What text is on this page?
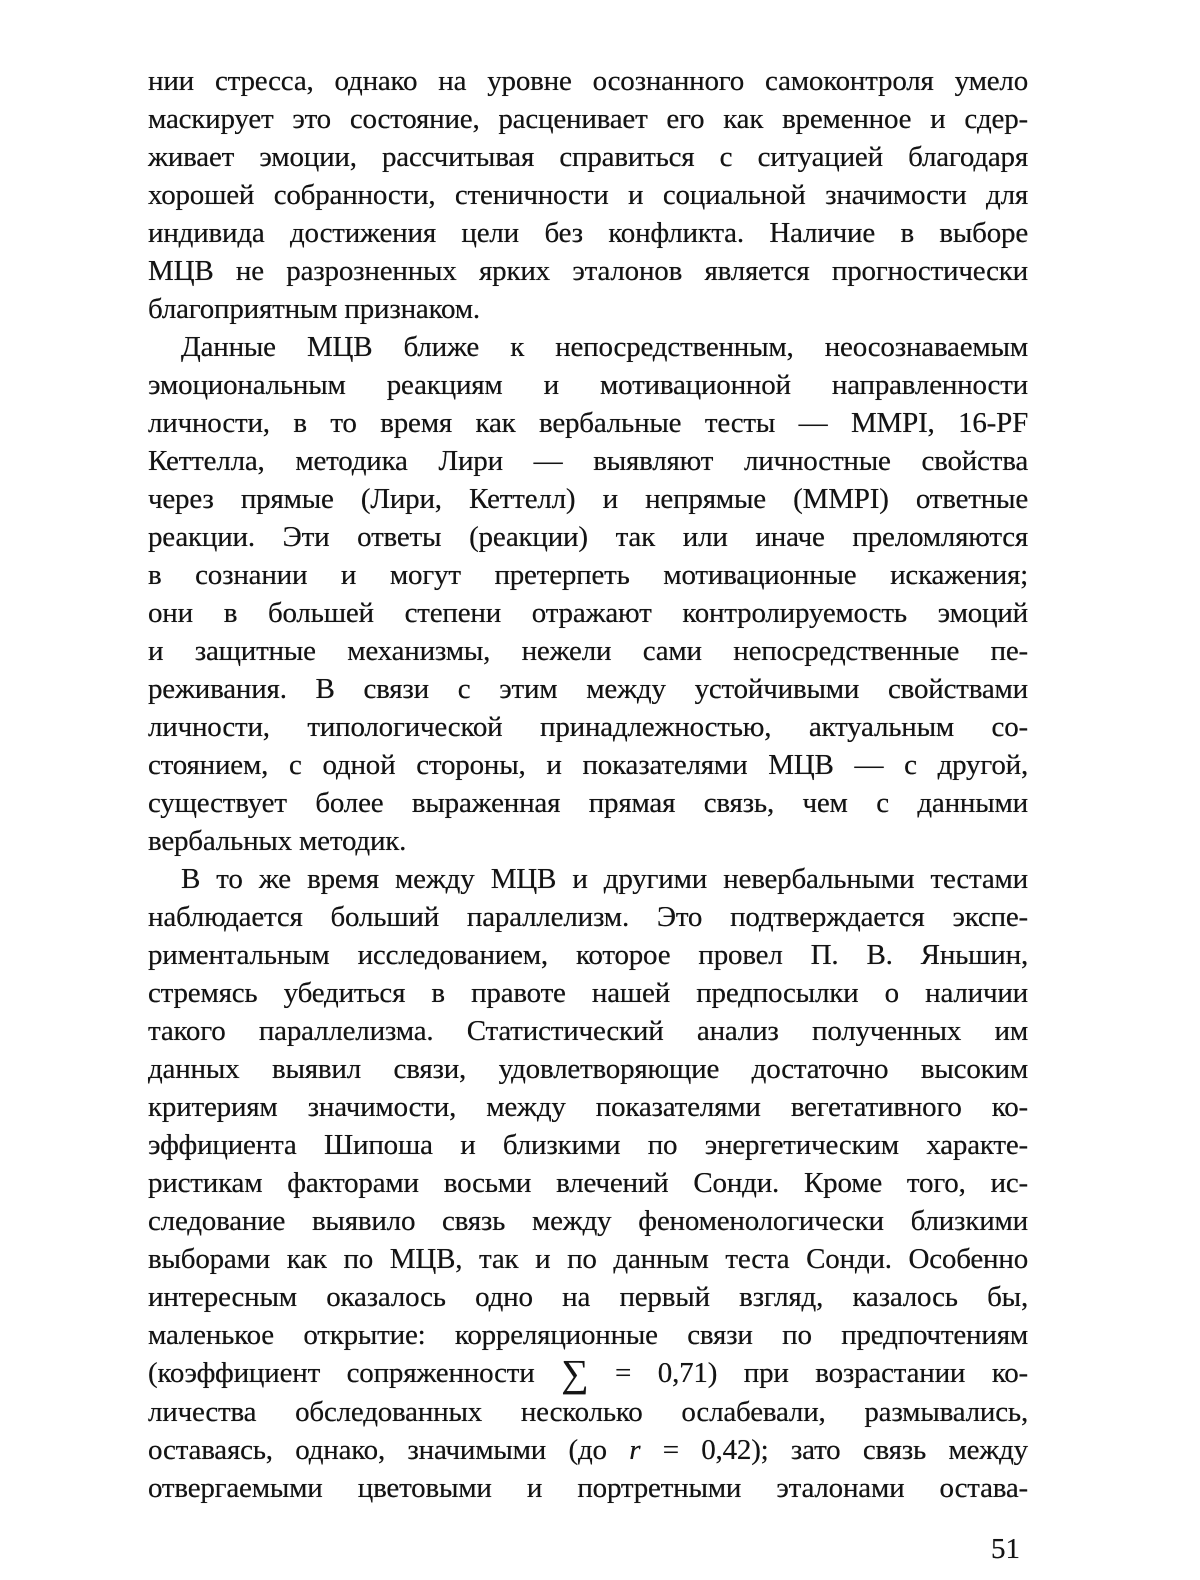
нии стресса, однако на уровне осознанного самоконтроля умело
маскирует это состояние, расценивает его как временное и сдер-
живает эмоции, рассчитывая справиться с ситуацией благодаря
хорошей собранности, стеничности и социальной значимости для
индивида достижения цели без конфликта. Наличие в выборе
МЦВ не разрозненных ярких эталонов является прогностически
благоприятным признаком.
Данные МЦВ ближе к непосредственным, неосознаваемым
эмоциональным реакциям и мотивационной направленности
личности, в то время как вербальные тесты — MMPI, 16-PF
Кеттелла, методика Лири — выявляют личностные свойства
через прямые (Лири, Кеттелл) и непрямые (MMPI) ответные
реакции. Эти ответы (реакции) так или иначе преломляются
в сознании и могут претерпеть мотивационные искажения;
они в большей степени отражают контролируемость эмоций
и защитные механизмы, нежели сами непосредственные пе-
реживания. В связи с этим между устойчивыми свойствами
личности, типологической принадлежностью, актуальным со-
стоянием, с одной стороны, и показателями МЦВ — с другой,
существует более выраженная прямая связь, чем с данными
вербальных методик.
В то же время между МЦВ и другими невербальными тестами
наблюдается больший параллелизм. Это подтверждается экспе-
риментальным исследованием, которое провел П. В. Яньшин,
стремясь убедиться в правоте нашей предпосылки о наличии
такого параллелизма. Статистический анализ полученных им
данных выявил связи, удовлетворяющие достаточно высоким
критериям значимости, между показателями вегетативного ко-
эффициента Шипоша и близкими по энергетическим характе-
ристикам факторами восьми влечений Сонди. Кроме того, ис-
следование выявило связь между феноменологически близкими
выборами как по МЦВ, так и по данным теста Сонди. Особенно
интересным оказалось одно на первый взгляд, казалось бы,
маленькое открытие: корреляционные связи по предпочтениям
(коэффициент сопряженности ∑ = 0,71) при возрастании ко-
личества обследованных несколько ослабевали, размывались,
оставаясь, однако, значимыми (до r = 0,42); зато связь между
отвергаемыми цветовыми и портретными эталонами остава-
51
